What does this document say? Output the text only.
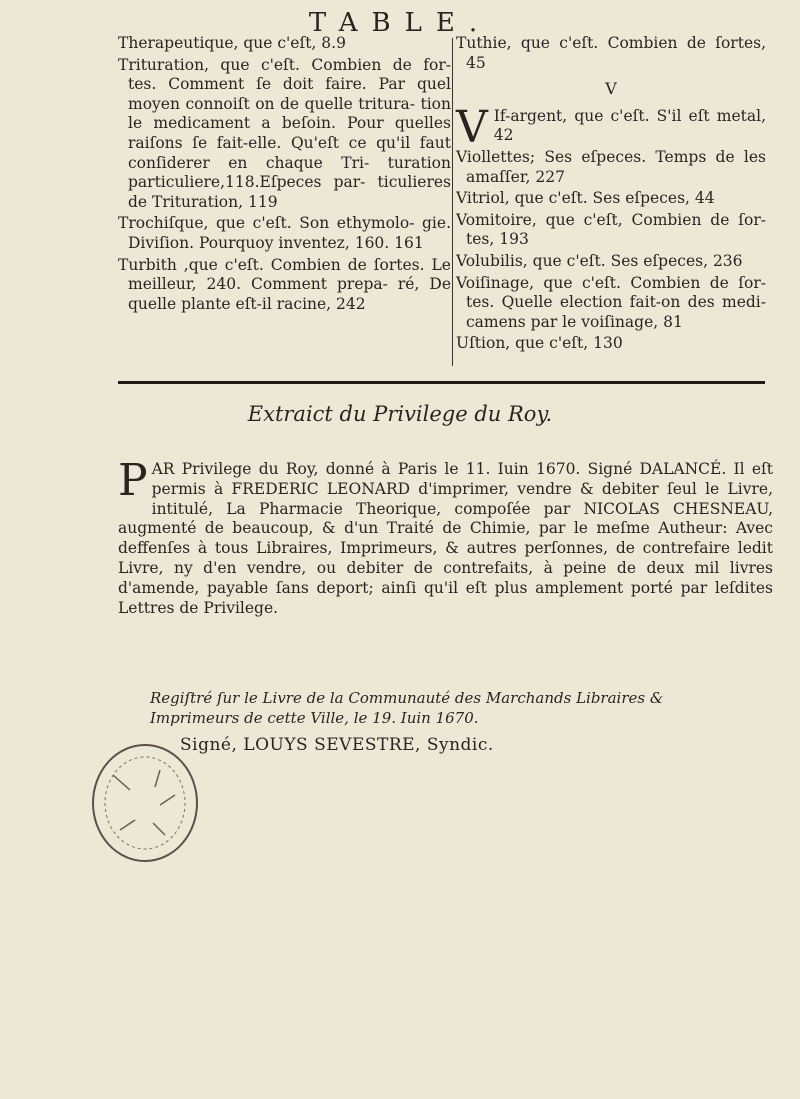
TABLE.

Therapeutique, que c'eſt, 8.9

Trituration, que c'eſt. Combien de for- tes. Comment ſe doit faire. Par quel moyen connoiſt on de quelle tritura- tion le medicament a beſoin. Pour quelles raiſons ſe fait-elle. Qu'eſt ce qu'il faut conſiderer en chaque Tri- turation particuliere,118.Eſpeces par- ticulieres de Trituration, 119

Trochiſque, que c'eſt. Son ethymolo- gie. Diviſion. Pourquoy inventez, 160. 161

Turbith ,que c'eſt. Combien de ſortes. Le meilleur, 240. Comment prepa- ré, De quelle plante eſt-il racine, 242

Tuthie, que c'eſt. Combien de ſortes, 45

V

V If-argent, que c'eſt. S'il eſt metal, 42

Viollettes; Ses eſpeces. Temps de les amaſſer, 227

Vitriol, que c'eſt. Ses eſpeces, 44

Vomitoire, que c'eſt, Combien de ſor- tes, 193

Volubilis, que c'eſt. Ses eſpeces, 236

Voiſinage, que c'eſt. Combien de ſor- tes. Quelle election fait-on des medi- camens par le voiſinage, 81

Uſtion, que c'eſt, 130

Extraict du Privilege du Roy.
PAR Privilege du Roy, donné à Paris le 11. Iuin 1670. Signé DALANCÉ. Il eſt permis à FREDERIC LEONARD d'imprimer, vendre & debiter ſeul le Livre, intitulé, La Pharmacie Theorique, compoſée par NICOLAS CHESNEAU, augmenté de beaucoup, & d'un Traité de Chimie, par le meſme Autheur: Avec deffenſes à tous Libraires, Imprimeurs, & autres perſonnes, de contrefaire ledit Livre, ny d'en vendre, ou debiter de contrefaits, à peine de deux mil livres d'amende, payable ſans deport; ainſi qu'il eſt plus amplement porté par leſdites Lettres de Privilege.
Regiſtré ſur le Livre de la Communauté des Marchands Libraires & Imprimeurs de cette Ville, le 19. Iuin 1670.
Signé, LOUYS SEVESTRE, Syndic.
